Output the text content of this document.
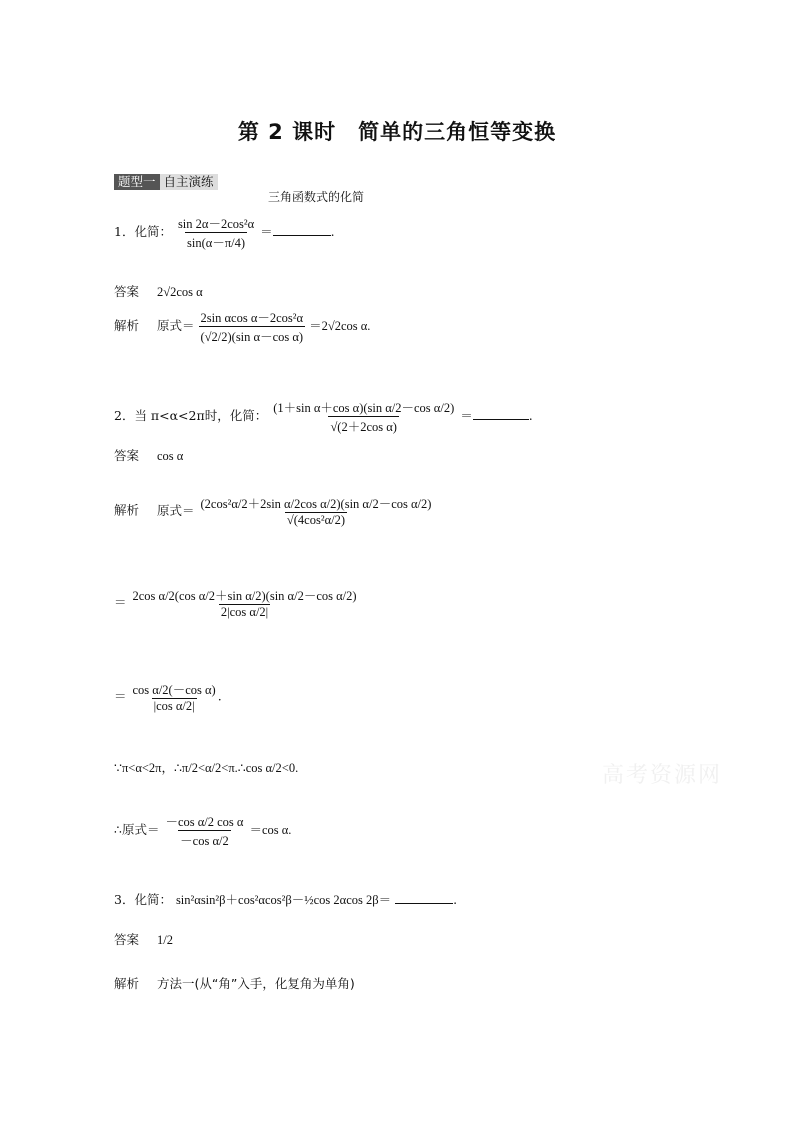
第 2 课时　简单的三角恒等变换
题型一 自主演练
三角函数式的化简
1．化简： $\frac{\text{sin 2α－2cos²α}}{\sin(\alpha-\pi/4)}$ ＝	.
答案 2√2cos α
解析 原式＝ $\frac{\text{2sin αcos α－2cos²α}}{\text{(√2/2)(sin α－cos α)}} =2√2\cos$ α.
2．当 π<α<2π时，化简： $\frac{\text{(1＋sin α＋cos α)(sin α/2－cos α/2)}}{\text{√(2＋2cos α)}}$ ＝	.
答案 cos α
解析 原式＝ $\frac{\text{(2cos²α/2＋2sin α/2cos α/2)(sin α/2－cos α/2)}}{\text{√(4cos²α/2)}}$
＝ $\frac{\text{2cos α/2(cos α/2＋sin α/2)(sin α/2－cos α/2)}}{\text{2|cos α/2|}}$
＝ $\frac{\text{cos α/2(－cos α)}}{\text{|cos α/2|}}$ .
∵π<α<2π，∴π/2<α/2<π.∴cos α/2<0.
∴原式＝ $\frac{\text{－cos α/2 cos α}}{\text{－cos α/2}} =\cos$ α.
3．化简： sin²αsin²β＋cos²αcos²β－½cos 2αcos 2β＝	.
答案 1/2
解析 方法一(从“角”入手，化复角为单角)
高考资源网
